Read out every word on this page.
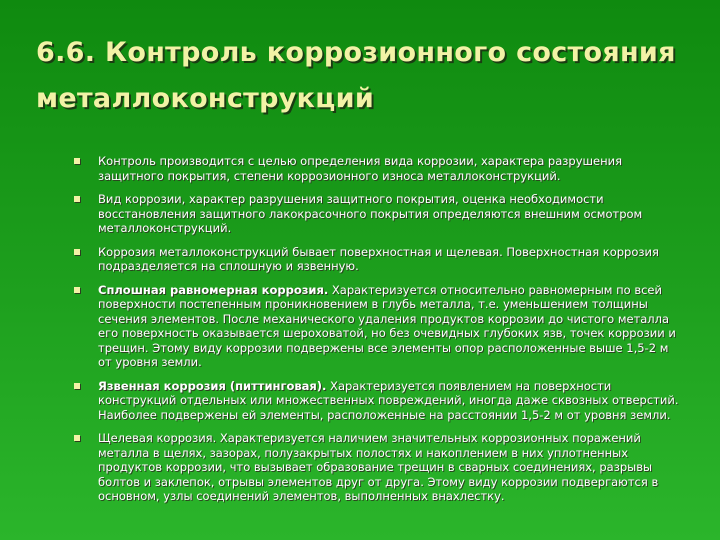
6.6. Контроль коррозионного состояния металлоконструкций
Контроль производится с целью определения вида коррозии, характера разрушения защитного покрытия, степени коррозионного износа металлоконструкций.
Вид коррозии, характер разрушения защитного покрытия, оценка необходимости восстановления защитного лакокрасочного покрытия определяются внешним осмотром металлоконструкций.
Коррозия металлоконструкций бывает поверхностная и щелевая. Поверхностная коррозия подразделяется на сплошную и язвенную.
Сплошная равномерная коррозия. Характеризуется относительно равномерным по всей поверхности постепенным проникновением в глубь металла, т.е. уменьшением толщины сечения элементов. После механического удаления продуктов коррозии до чистого металла его поверхность оказывается шероховатой, но без очевидных глубоких язв, точек коррозии и трещин. Этому виду коррозии подвержены все элементы опор расположенные выше 1,5-2 м от уровня земли.
Язвенная коррозия (питтинговая). Характеризуется появлением на поверхности конструкций отдельных или множественных повреждений, иногда даже сквозных отверстий. Наиболее подвержены ей элементы, расположенные на расстоянии 1,5-2 м от уровня земли.
Щелевая коррозия. Характеризуется наличием значительных коррозионных поражений металла в щелях, зазорах, полузакрытых полостях и накоплением в них уплотненных продуктов коррозии, что вызывает образование трещин в сварных соединениях, разрывы болтов и заклепок, отрывы элементов друг от друга. Этому виду коррозии подвергаются в основном, узлы соединений элементов, выполненных внахлестку.
